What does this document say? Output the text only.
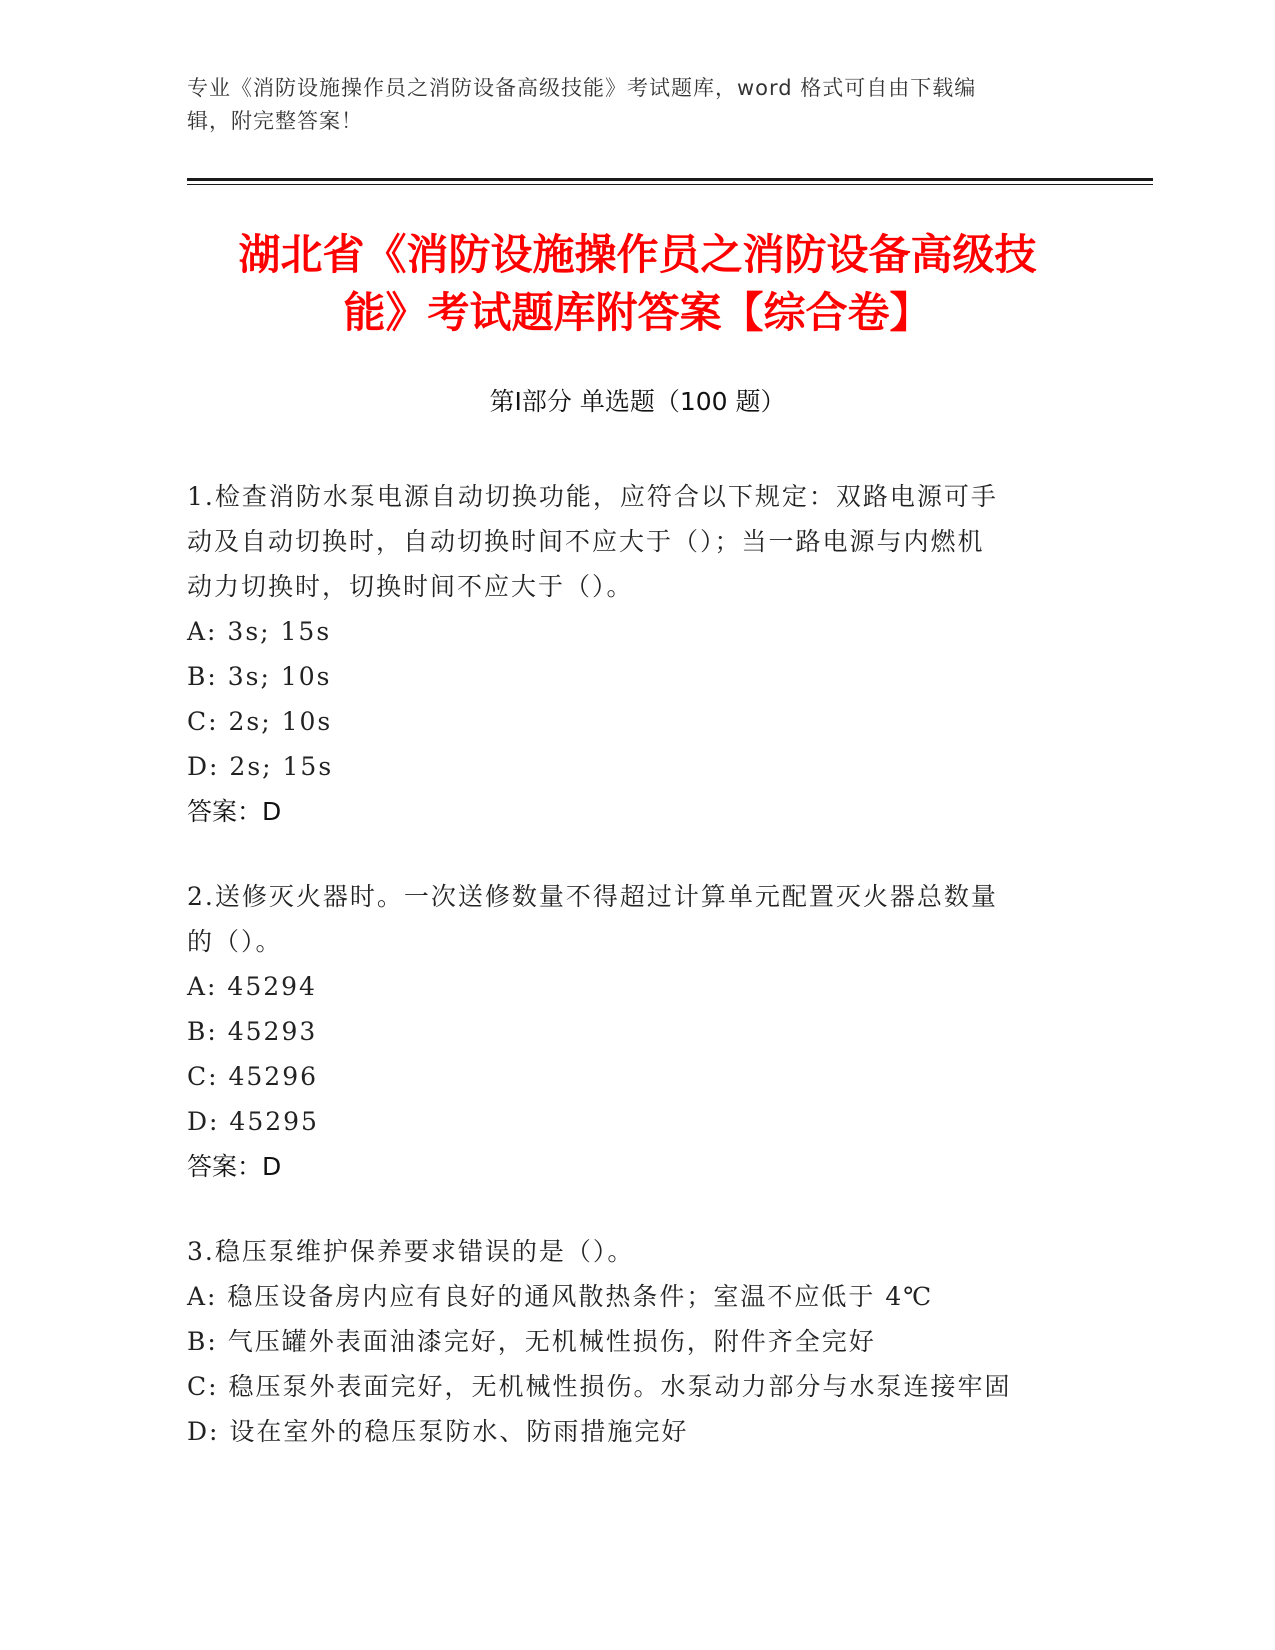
专业《消防设施操作员之消防设备高级技能》考试题库，word 格式可自由下载编
辑，附完整答案！
湖北省《消防设施操作员之消防设备高级技
能》考试题库附答案【综合卷】
第Ⅰ部分 单选题（100 题）
1.检查消防水泵电源自动切换功能，应符合以下规定：双路电源可手
动及自动切换时，自动切换时间不应大于（）；当一路电源与内燃机
动力切换时，切换时间不应大于（）。
A: 3s; 15s
B: 3s; 10s
C: 2s; 10s
D: 2s; 15s
答案：D
2.送修灭火器时。一次送修数量不得超过计算单元配置灭火器总数量
的（）。
A: 45294
B: 45293
C: 45296
D: 45295
答案：D
3.稳压泵维护保养要求错误的是（）。
A: 稳压设备房内应有良好的通风散热条件；室温不应低于 4℃
B: 气压罐外表面油漆完好，无机械性损伤，附件齐全完好
C: 稳压泵外表面完好，无机械性损伤。水泵动力部分与水泵连接牢固
D: 设在室外的稳压泵防水、防雨措施完好
